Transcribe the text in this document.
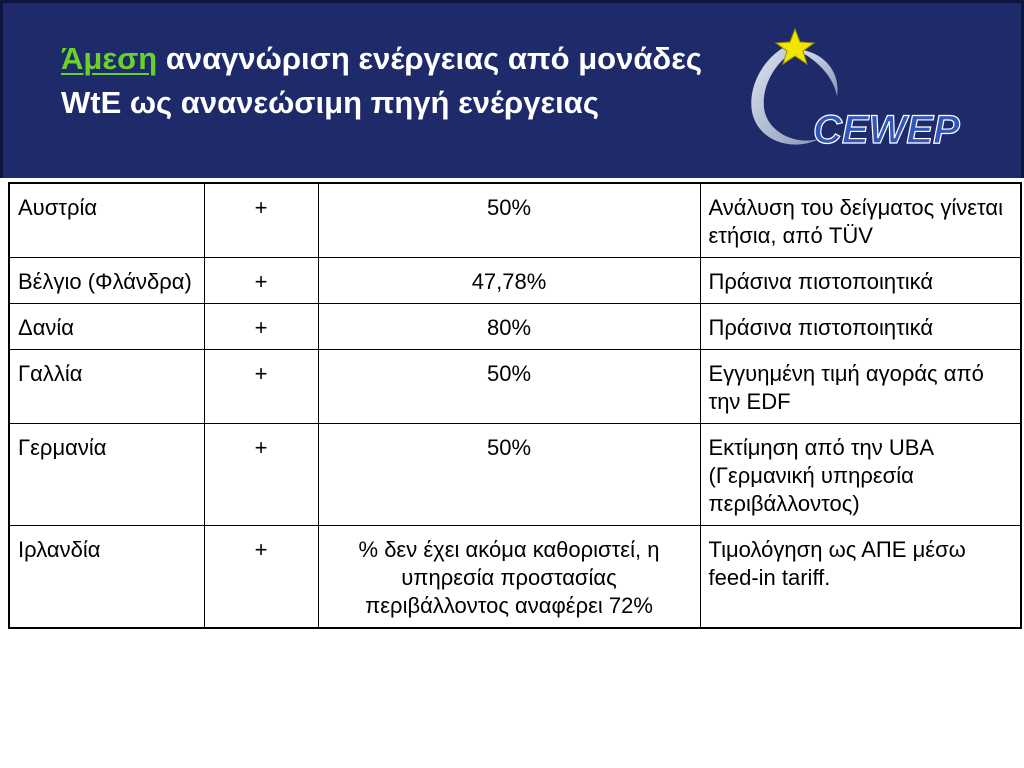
Άμεση αναγνώριση ενέργειας από μονάδες WtE ως ανανεώσιμη πηγή ενέργειας
CEWEP
Αυστρία	+	50%	Ανάλυση του δείγματος γίνεται ετήσια, από TÜV
Βέλγιο (Φλάνδρα)	+	47,78%	Πράσινα πιστοποιητικά
Δανία	+	80%	Πράσινα πιστοποιητικά
Γαλλία	+	50%	Εγγυημένη τιμή αγοράς από την EDF
Γερμανία	+	50%	Εκτίμηση από την UBA (Γερμανική υπηρεσία περιβάλλοντος)
Ιρλανδία	+	% δεν έχει ακόμα καθοριστεί, η υπηρεσία προστασίας περιβάλλοντος αναφέρει 72%	Τιμολόγηση ως ΑΠΕ μέσω feed-in tariff.
